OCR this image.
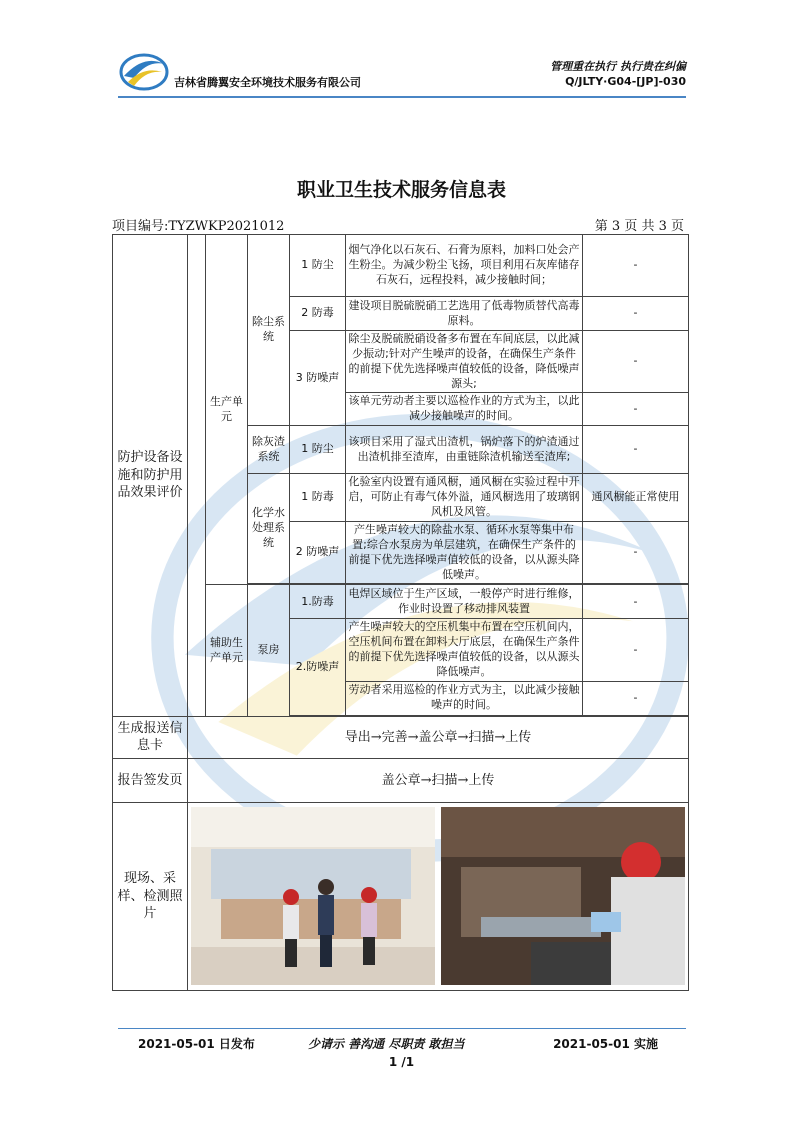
吉林省腾翼安全环境技术服务有限公司
管理重在执行 执行贵在纠偏
Q/JLTY·G04-[JP]-030
职业卫生技术服务信息表
项目编号:TYZWKP2021012	第 3 页 共 3 页
防护设备设施和防护用品效果评价		生产单元	除尘系统	1 防尘	烟气净化以石灰石、石膏为原料，加料口处会产生粉尘。为减少粉尘飞扬，项目利用石灰库储存石灰石，远程投料，减少接触时间；	-
				2 防毒	建设项目脱硫脱硝工艺选用了低毒物质替代高毒原料。	-
				3 防噪声	除尘及脱硫脱硝设备多布置在车间底层，以此减少振动;针对产生噪声的设备，在确保生产条件的前提下优先选择噪声值较低的设备，降低噪声源头;	-
					该单元劳动者主要以巡检作业的方式为主，以此减少接触噪声的时间。	-
			除灰渣系统	1 防尘	该项目采用了湿式出渣机，锅炉落下的炉渣通过出渣机排至渣库，由重链除渣机输送至渣库;	-
			化学水处理系统	1 防毒	化验室内设置有通风橱，通风橱在实验过程中开启，可防止有毒气体外溢，通风橱选用了玻璃钢风机及风管。	通风橱能正常使用
				2 防噪声	产生噪声较大的除盐水泵、循环水泵等集中布置;综合水泵房为单层建筑，在确保生产条件的前提下优先选择噪声值较低的设备，以从源头降低噪声。	-

		辅助生产单元	泵房	1.防毒	电焊区域位于生产区域，一般停产时进行维修，作业时设置了移动排风装置	-
				2.防噪声	产生噪声较大的空压机集中布置在空压机间内，空压机间布置在卸料大厅底层，在确保生产条件的前提下优先选择噪声值较低的设备，以从源头降低噪声。	-
					劳动者采用巡检的作业方式为主，以此减少接触噪声的时间。	-

生成报送信息卡	导出→完善→盖公章→扫描→上传					
报告签发页	盖公章→扫描→上传					
现场、采样、检测照片	
2021-05-01 日发布	少请示 善沟通 尽职责 敢担当	2021-05-01 实施
1 /1
